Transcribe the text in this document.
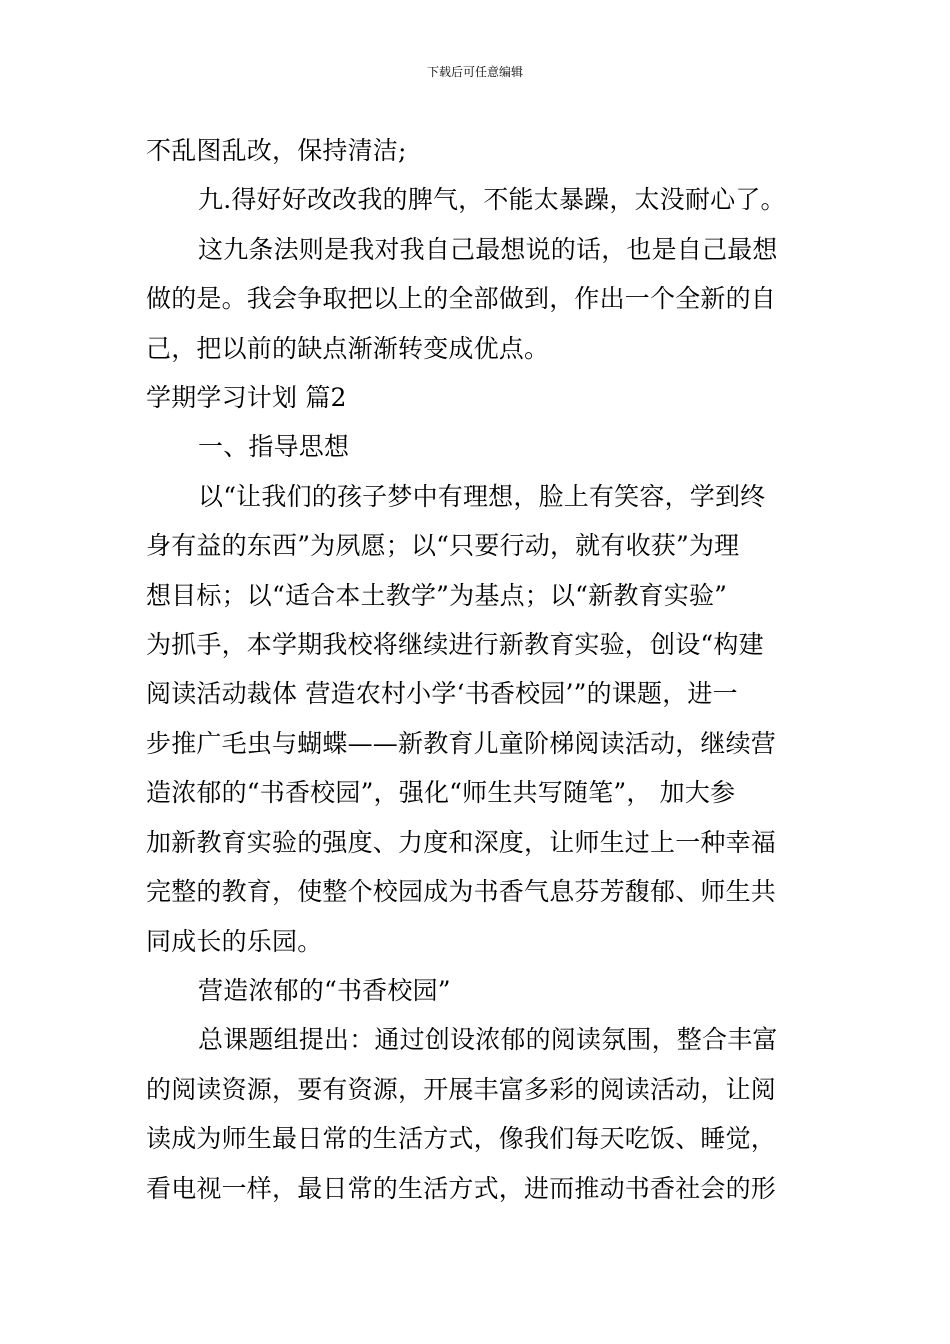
下载后可任意编辑

不乱图乱改，保持清洁;

九.得好好改改我的脾气，不能太暴躁，太没耐心了。

这九条法则是我对我自己最想说的话，也是自己最想

做的是。我会争取把以上的全部做到，作出一个全新的自

己，把以前的缺点渐渐转变成优点。

学期学习计划 篇2

一、指导思想

以“让我们的孩子梦中有理想，脸上有笑容，学到终

身有益的东西”为夙愿；以“只要行动，就有收获”为理

想目标；以“适合本土教学”为基点；以“新教育实验”

为抓手，本学期我校将继续进行新教育实验，创设“构建

阅读活动裁体 营造农村小学‘书香校园’”的课题，进一

步推广毛虫与蝴蝶——新教育儿童阶梯阅读活动，继续营

造浓郁的“书香校园”，强化“师生共写随笔”， 加大参

加新教育实验的强度、力度和深度，让师生过上一种幸福

完整的教育，使整个校园成为书香气息芬芳馥郁、师生共

同成长的乐园。

营造浓郁的“书香校园”

总课题组提出：通过创设浓郁的阅读氛围，整合丰富

的阅读资源，要有资源，开展丰富多彩的阅读活动，让阅

读成为师生最日常的生活方式，像我们每天吃饭、睡觉，

看电视一样，最日常的生活方式，进而推动书香社会的形
